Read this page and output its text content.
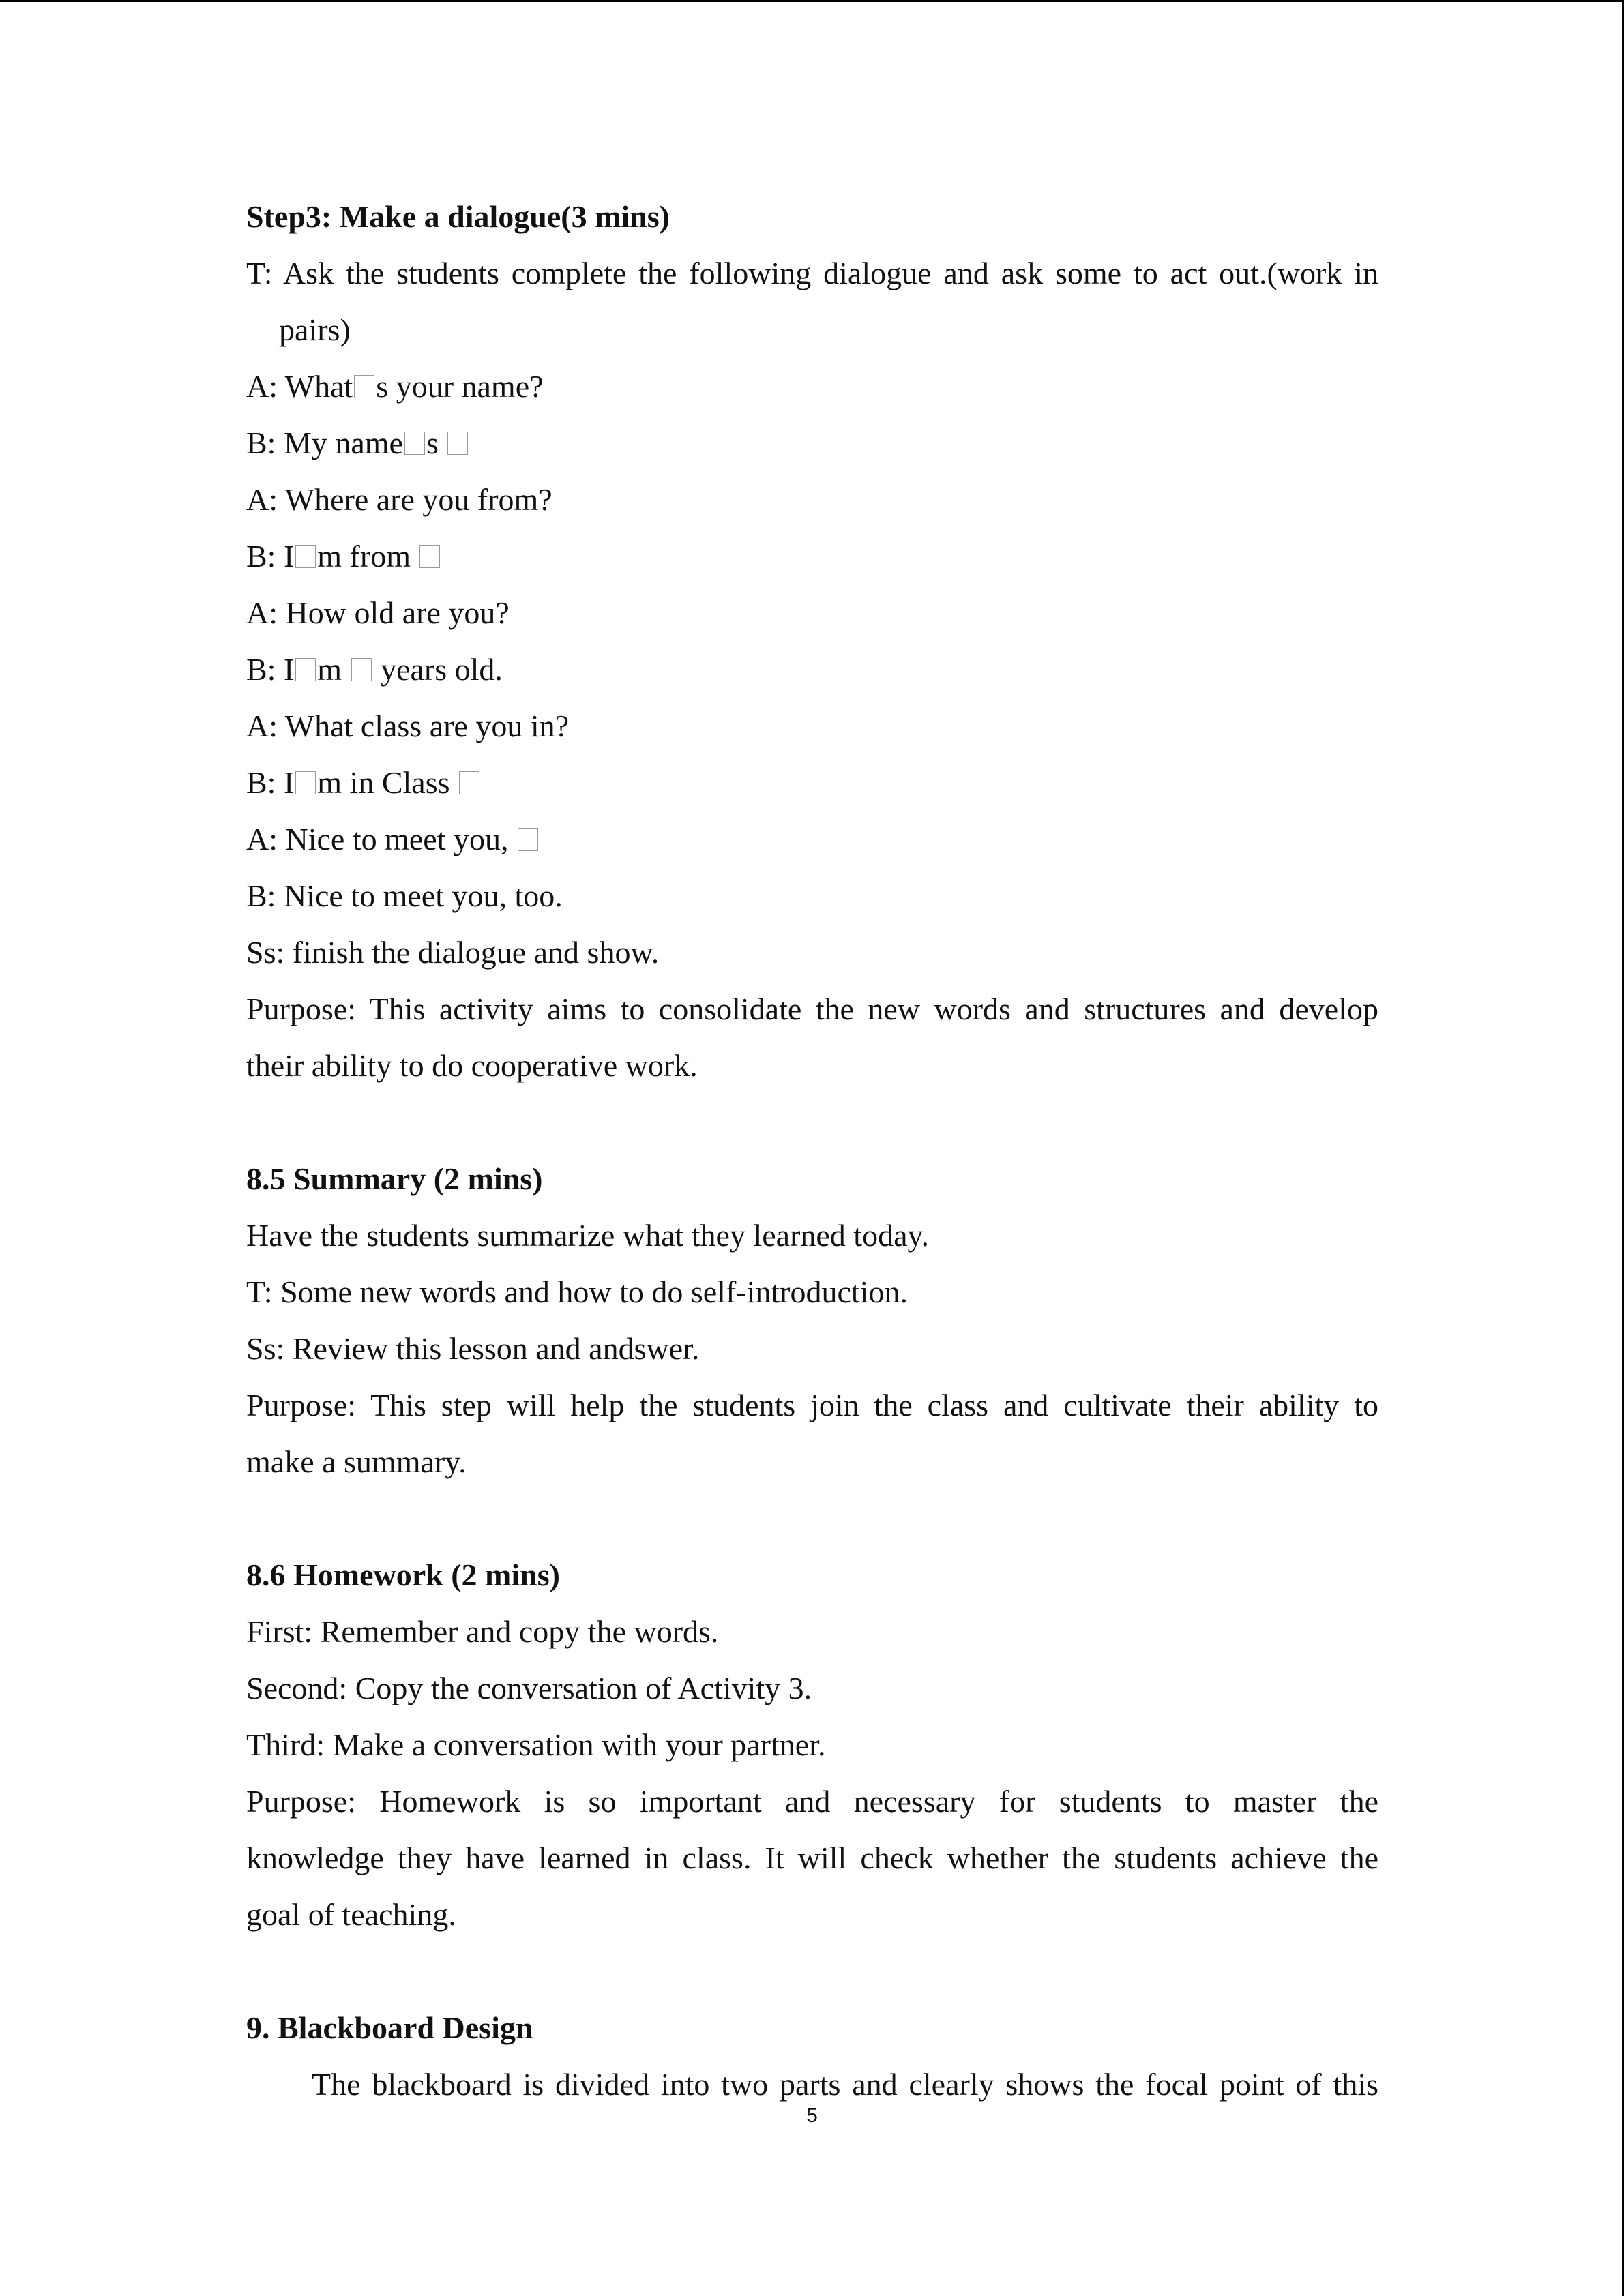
Step3: Make a dialogue(3 mins)
T: Ask the students complete the following dialogue and ask some to act out.(work in
pairs)
A: What s your name?
B: My name s
A: Where are you from?
B: I m from
A: How old are you?
B: I m years old.
A: What class are you in?
B: I m in Class
A: Nice to meet you,
B: Nice to meet you, too.
Ss: finish the dialogue and show.
Purpose: This activity aims to consolidate the new words and structures and develop
their ability to do cooperative work.
8.5 Summary (2 mins)
Have the students summarize what they learned today.
T: Some new words and how to do self-introduction.
Ss: Review this lesson and andswer.
Purpose: This step will help the students join the class and cultivate their ability to
make a summary.
8.6 Homework (2 mins)
First: Remember and copy the words.
Second: Copy the conversation of Activity 3.
Third: Make a conversation with your partner.
Purpose: Homework is so important and necessary for students to master the
knowledge they have learned in class. It will check whether the students achieve the
goal of teaching.
9. Blackboard Design
The blackboard is divided into two parts and clearly shows the focal point of this
5
